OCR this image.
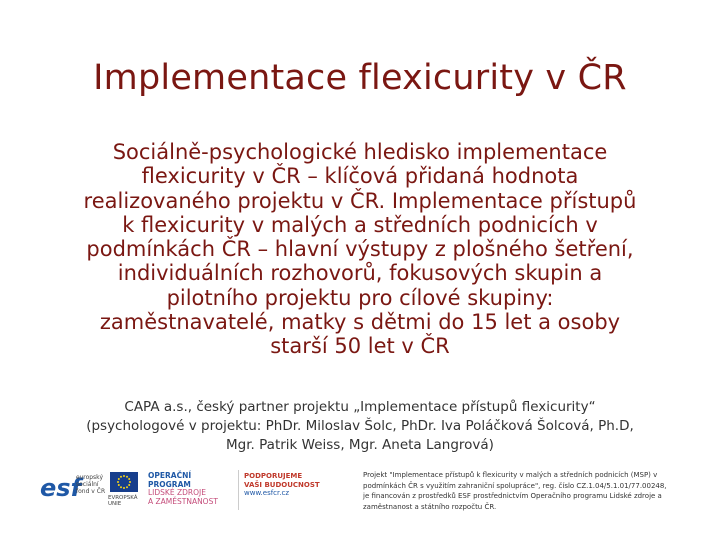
Implementace flexicurity v ČR
Sociálně-psychologické hledisko implementace
flexicurity v ČR – klíčová přidaná hodnota
realizovaného projektu v ČR. Implementace přístupů
k flexicurity v malých a středních podnicích v
podmínkách ČR – hlavní výstupy z plošného šetření,
individuálních rozhovorů, fokusových skupin a
pilotního projektu pro cílové skupiny:
zaměstnavatelé, matky s dětmi do 15 let a osoby
starší 50 let v ČR
CAPA a.s., český partner projektu „Implementace přístupů flexicurity“
(psychologové v projektu: PhDr. Miloslav Šolc, PhDr. Iva Poláčková Šolcová, Ph.D,
Mgr. Patrik Weiss, Mgr. Aneta Langrová)
esf
evropský sociální fond v ČR
EVROPSKÁ UNIE
OPERAČNÍ PROGRAM
LIDSKÉ ZDROJE
A ZAMĚSTNANOST
PODPORUJEME
VAŠI BUDOUCNOST
www.esfcr.cz
Projekt "Implementace přístupů k flexicurity v malých a středních podnicích (MSP) v
podmínkách ČR s využitím zahraniční spolupráce", reg. číslo CZ.1.04/5.1.01/77.00248,
je financován z prostředků ESF prostřednictvím Operačního programu Lidské zdroje a
zaměstnanost a státního rozpočtu ČR.
